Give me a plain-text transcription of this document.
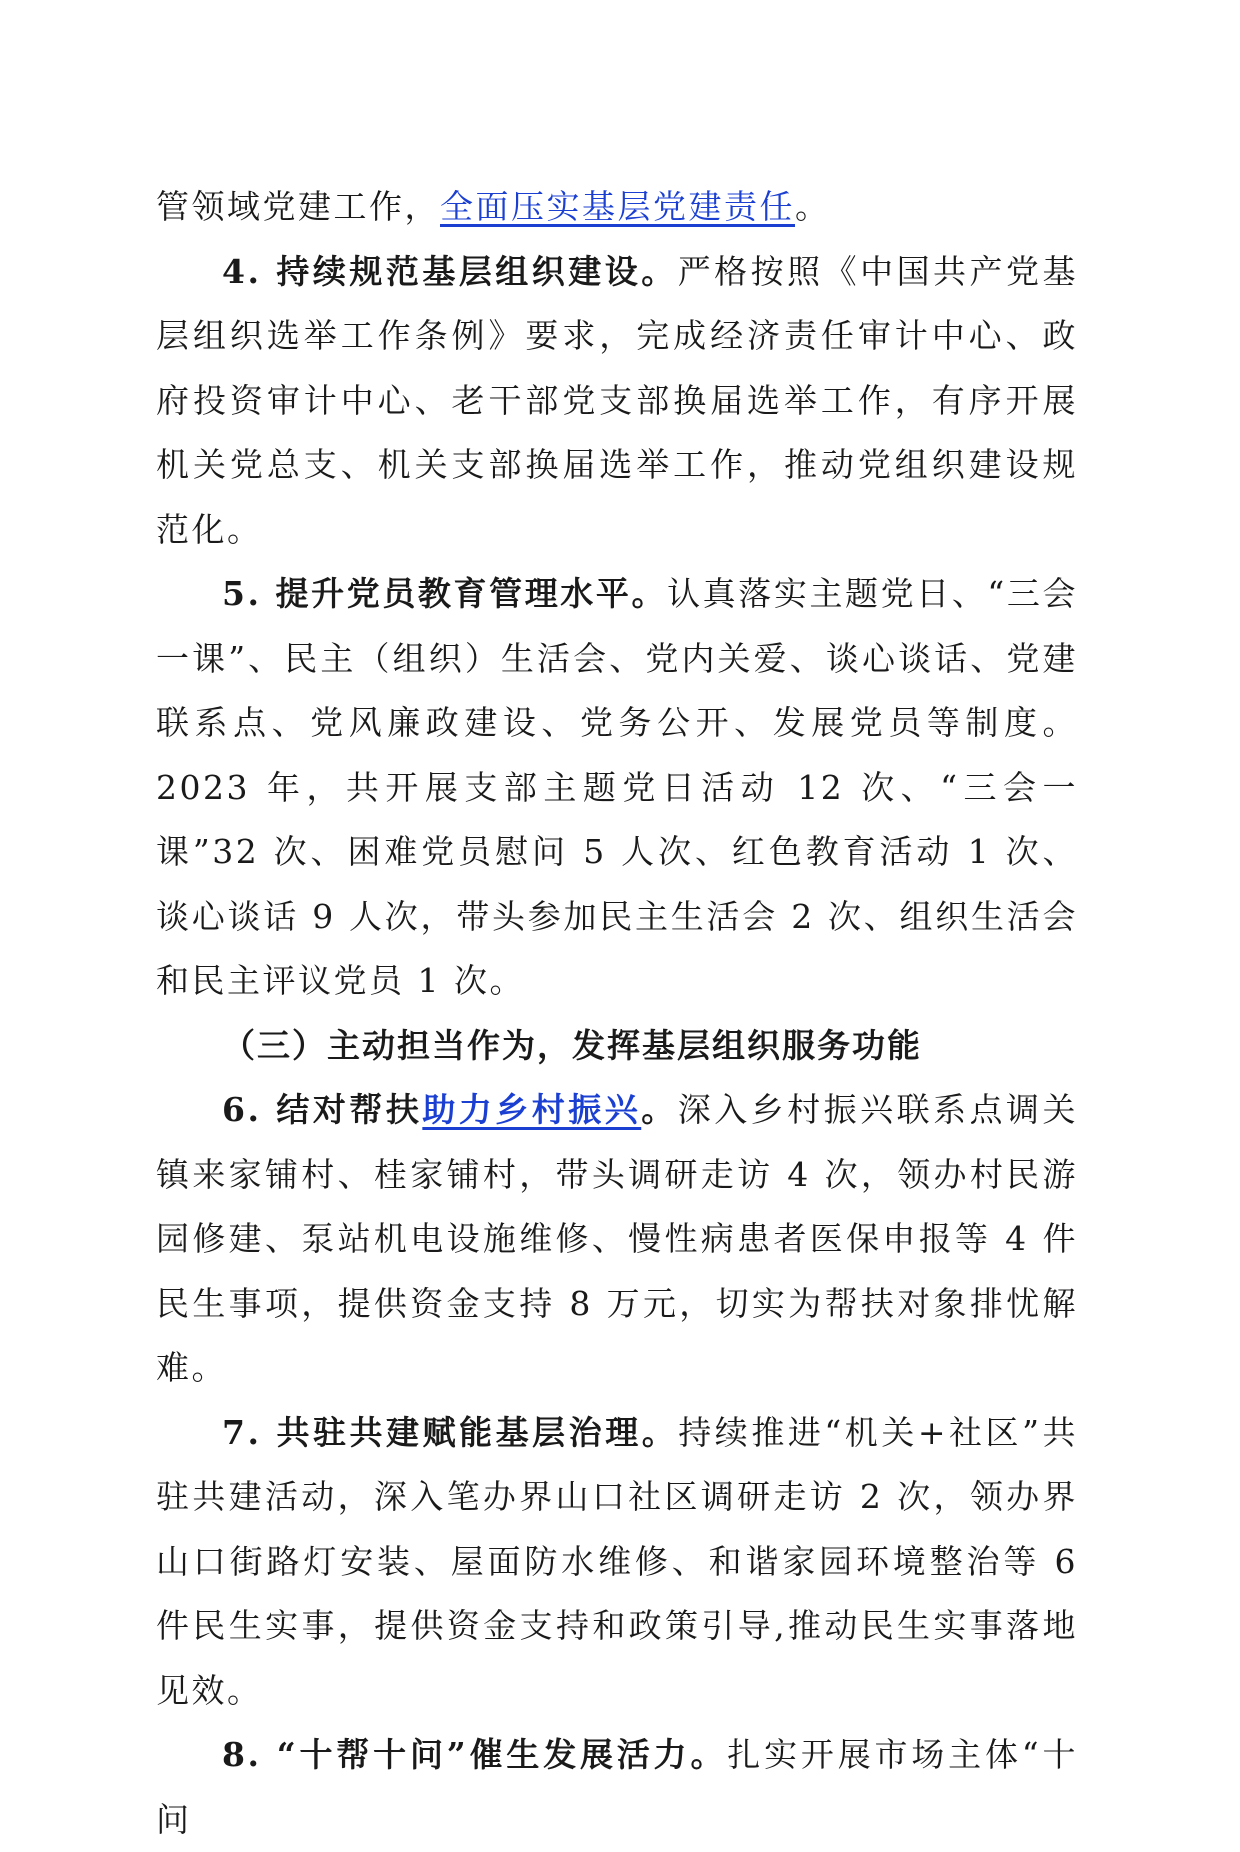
管领域党建工作，全面压实基层党建责任。

4. 持续规范基层组织建设。严格按照《中国共产党基层组织选举工作条例》要求，完成经济责任审计中心、政府投资审计中心、老干部党支部换届选举工作，有序开展机关党总支、机关支部换届选举工作，推动党组织建设规范化。

5. 提升党员教育管理水平。认真落实主题党日、“三会一课”、民主（组织）生活会、党内关爱、谈心谈话、党建联系点、党风廉政建设、党务公开、发展党员等制度。2023 年，共开展支部主题党日活动 12 次、“三会一课”32 次、困难党员慰问 5 人次、红色教育活动 1 次、谈心谈话 9 人次，带头参加民主生活会 2 次、组织生活会和民主评议党员 1 次。

（三）主动担当作为，发挥基层组织服务功能

6. 结对帮扶助力乡村振兴。深入乡村振兴联系点调关镇来家铺村、桂家铺村，带头调研走访 4 次，领办村民游园修建、泵站机电设施维修、慢性病患者医保申报等 4 件民生事项，提供资金支持 8 万元，切实为帮扶对象排忧解难。

7. 共驻共建赋能基层治理。持续推进“机关+社区”共驻共建活动，深入笔办界山口社区调研走访 2 次，领办界山口街路灯安装、屋面防水维修、和谐家园环境整治等 6 件民生实事，提供资金支持和政策引导,推动民生实事落地见效。

8. “十帮十问”催生发展活力。扎实开展市场主体“十问
